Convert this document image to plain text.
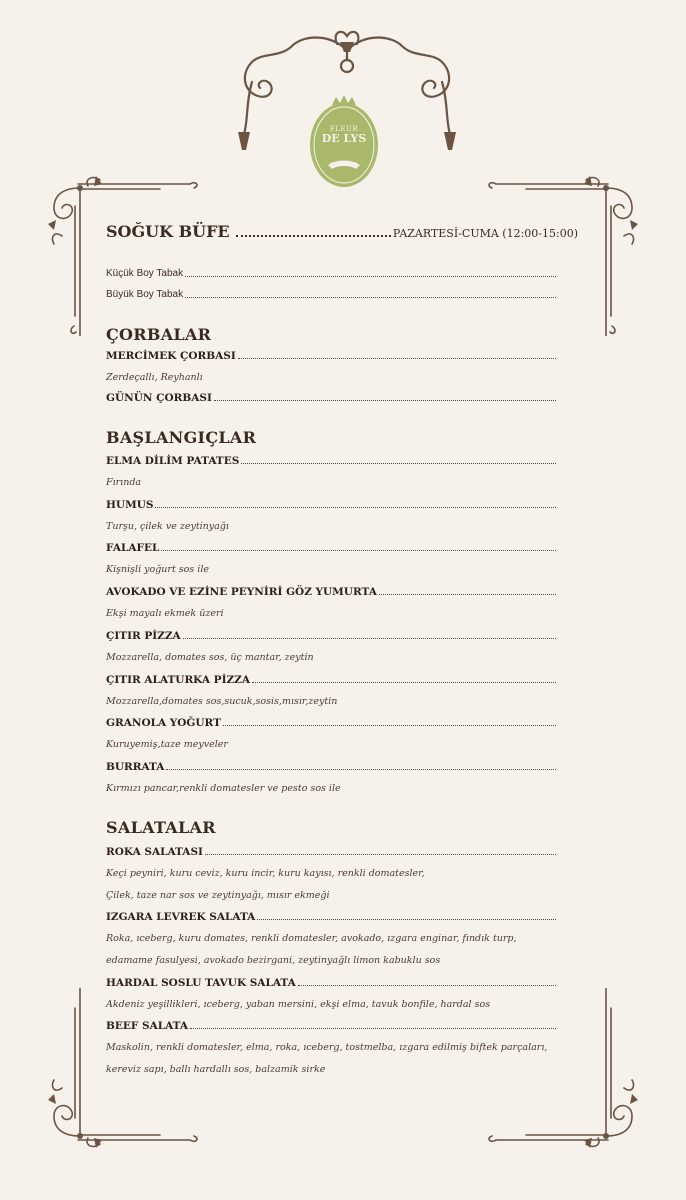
FLEUR
DE LYS
TEA ROOM
SOĞUK BÜFE	PAZARTESİ-CUMA (12:00-15:00)
Küçük Boy Tabak
Büyük Boy Tabak
ÇORBALAR
MERCİMEK ÇORBASI
Zerdeçallı, Reyhanlı
GÜNÜN ÇORBASI
BAŞLANGIÇLAR
ELMA DİLİM PATATES
Fırında
HUMUS
Turşu, çilek ve zeytinyağı
FALAFEL
Kişnişli yoğurt sos ile
AVOKADO VE EZİNE PEYNİRİ GÖZ YUMURTA
Ekşi mayalı ekmek üzeri
ÇITIR PİZZA
Mozzarella, domates sos, üç mantar, zeytin
ÇITIR ALATURKA PİZZA
Mozzarella,domates sos,sucuk,sosis,mısır,zeytin
GRANOLA YOĞURT
Kuruyemiş,taze meyveler
BURRATA
Kırmızı pancar,renkli domatesler ve pesto sos ile
SALATALAR
ROKA SALATASI
Keçi peyniri, kuru ceviz, kuru incir, kuru kayısı, renkli domatesler,
Çilek, taze nar sos ve zeytinyağı, mısır ekmeği
IZGARA LEVREK SALATA
Roka, ıceberg, kuru domates, renkli domatesler, avokado, ızgara enginar, fındık turp,
edamame fasulyesi, avokado bezirgani, zeytinyağlı limon kabuklu sos
HARDAL SOSLU TAVUK SALATA
Akdeniz yeşillikleri, ıceberg, yaban mersini, ekşi elma, tavuk bonfile, hardal sos
BEEF SALATA
Maskolin, renkli domatesler, elma, roka, ıceberg, tostmelba, ızgara edilmiş biftek parçaları,
kereviz sapı, ballı hardallı sos, balzamik sirke
